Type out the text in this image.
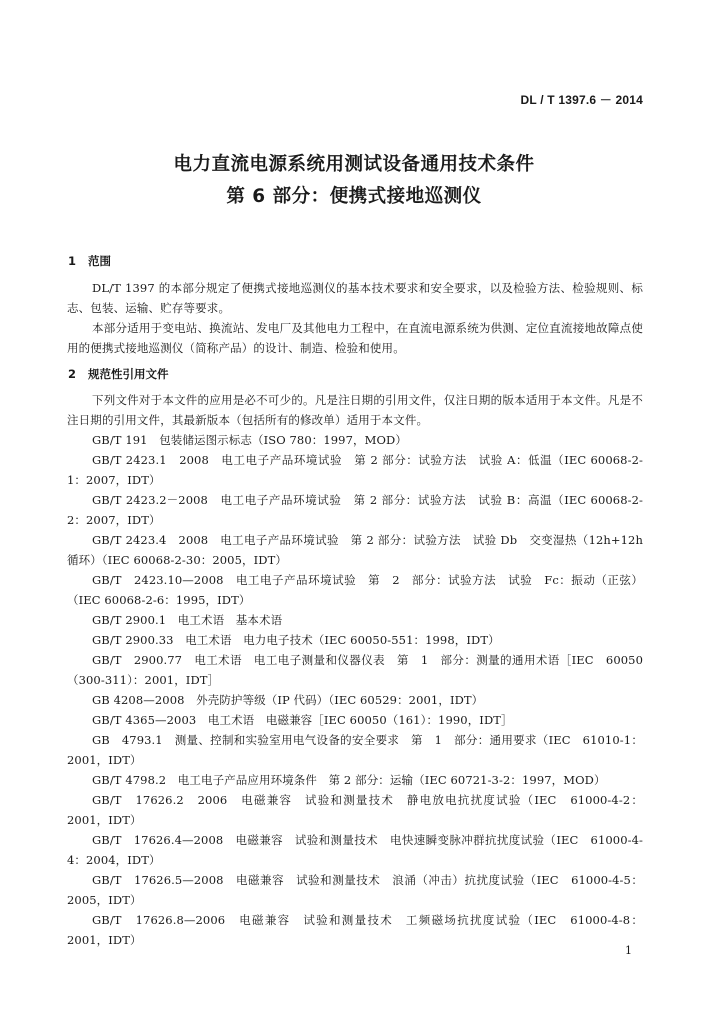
DL / T 1397.6 － 2014
电力直流电源系统用测试设备通用技术条件
第 6 部分：便携式接地巡测仪
1 范围
DL/T 1397 的本部分规定了便携式接地巡测仪的基本技术要求和安全要求，以及检验方法、检验规则、标志、包装、运输、贮存等要求。
本部分适用于变电站、换流站、发电厂及其他电力工程中，在直流电源系统为供测、定位直流接地故障点使用的便携式接地巡测仪（简称产品）的设计、制造、检验和使用。
2 规范性引用文件
下列文件对于本文件的应用是必不可少的。凡是注日期的引用文件，仅注日期的版本适用于本文件。凡是不注日期的引用文件，其最新版本（包括所有的修改单）适用于本文件。
GB/T 191　包装储运图示标志（ISO 780：1997，MOD）
GB/T 2423.1　2008　电工电子产品环境试验　第 2 部分：试验方法　试验 A：低温（IEC 60068-2-1：2007，IDT）
GB/T 2423.2－2008　电工电子产品环境试验　第 2 部分：试验方法　试验 B：高温（IEC 60068-2-2：2007，IDT）
GB/T 2423.4　2008　电工电子产品环境试验　第 2 部分：试验方法　试验 Db　交变湿热（12h+12h 循环）（IEC 60068-2-30：2005，IDT）
GB/T　2423.10—2008　电工电子产品环境试验　第　2　部分：试验方法　试验　Fc：振动（正弦）（IEC 60068-2-6：1995，IDT）
GB/T 2900.1　电工术语　基本术语
GB/T 2900.33　电工术语　电力电子技术（IEC 60050-551：1998，IDT）
GB/T　2900.77　电工术语　电工电子测量和仪器仪表　第　1　部分：测量的通用术语［IEC　60050（300-311）：2001，IDT］
GB 4208—2008　外壳防护等级（IP 代码）（IEC 60529：2001，IDT）
GB/T 4365—2003　电工术语　电磁兼容［IEC 60050（161）：1990，IDT］
GB　4793.1　测量、控制和实验室用电气设备的安全要求　第　1　部分：通用要求（IEC　61010-1：2001，IDT）
GB/T 4798.2　电工电子产品应用环境条件　第 2 部分：运输（IEC 60721-3-2：1997，MOD）
GB/T　17626.2　2006　电磁兼容　试验和测量技术　静电放电抗扰度试验（IEC　61000-4-2：2001，IDT）
GB/T　17626.4—2008　电磁兼容　试验和测量技术　电快速瞬变脉冲群抗扰度试验（IEC　61000-4-4：2004，IDT）
GB/T　17626.5—2008　电磁兼容　试验和测量技术　浪涌（冲击）抗扰度试验（IEC　61000-4-5：2005，IDT）
GB/T　17626.8—2006　电磁兼容　试验和测量技术　工频磁场抗扰度试验（IEC　61000-4-8：2001，IDT）
1
